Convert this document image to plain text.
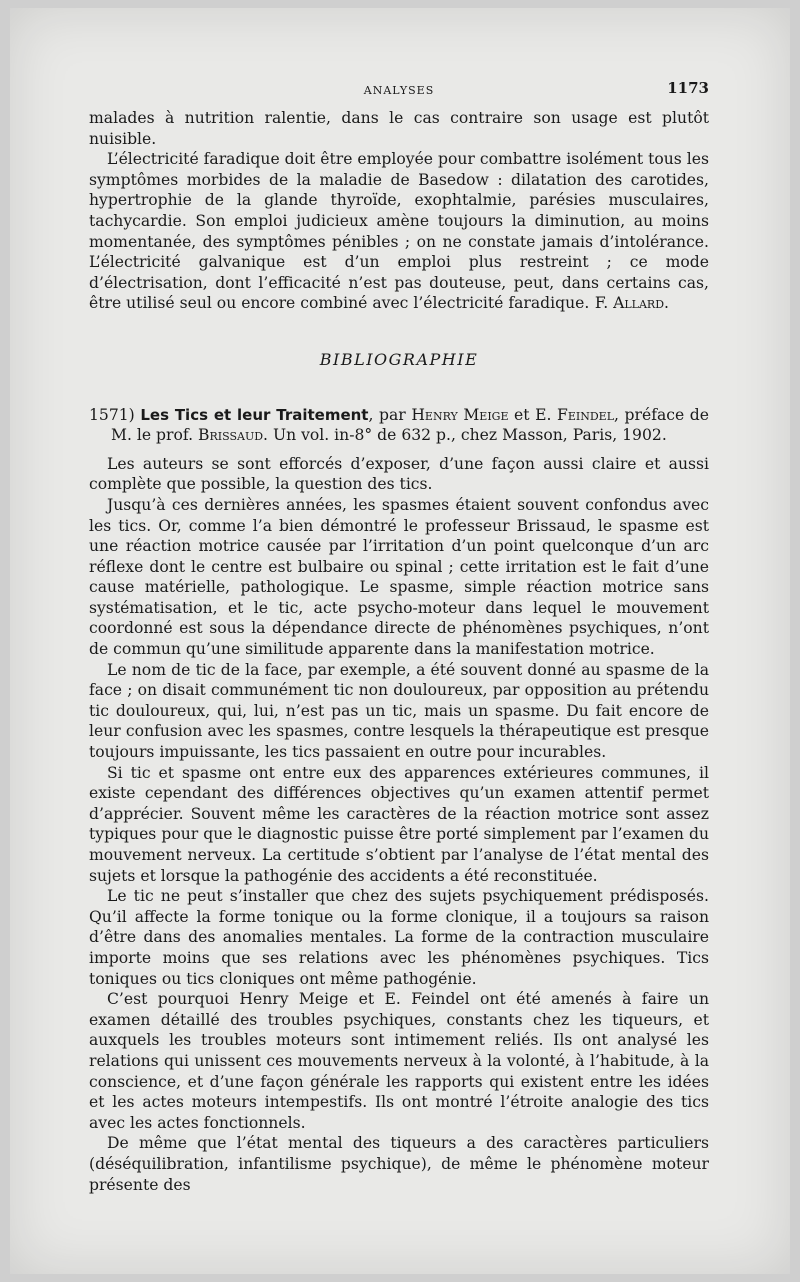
ANALYSES	1173

malades à nutrition ralentie, dans le cas contraire son usage est plutôt nuisible.

L’électricité faradique doit être employée pour combattre isolément tous les symptômes morbides de la maladie de Basedow : dilatation des carotides, hypertrophie de la glande thyroïde, exophtalmie, parésies musculaires, tachycardie. Son emploi judicieux amène toujours la diminution, au moins momentanée, des symptômes pénibles ; on ne constate jamais d’intolérance. L’électricité galvanique est d’un emploi plus restreint ; ce mode d’électrisation, dont l’efficacité n’est pas douteuse, peut, dans certains cas, être utilisé seul ou encore combiné avec l’électricité faradique. F. Allard.

BIBLIOGRAPHIE

1571) Les Tics et leur Traitement, par Henry Meige et E. Feindel, préface de M. le prof. Brissaud. Un vol. in-8° de 632 p., chez Masson, Paris, 1902.

Les auteurs se sont efforcés d’exposer, d’une façon aussi claire et aussi complète que possible, la question des tics.

Jusqu’à ces dernières années, les spasmes étaient souvent confondus avec les tics. Or, comme l’a bien démontré le professeur Brissaud, le spasme est une réaction motrice causée par l’irritation d’un point quelconque d’un arc réflexe dont le centre est bulbaire ou spinal ; cette irritation est le fait d’une cause matérielle, pathologique. Le spasme, simple réaction motrice sans systématisation, et le tic, acte psycho-moteur dans lequel le mouvement coordonné est sous la dépendance directe de phénomènes psychiques, n’ont de commun qu’une similitude apparente dans la manifestation motrice.

Le nom de tic de la face, par exemple, a été souvent donné au spasme de la face ; on disait communément tic non douloureux, par opposition au prétendu tic douloureux, qui, lui, n’est pas un tic, mais un spasme. Du fait encore de leur confusion avec les spasmes, contre lesquels la thérapeutique est presque toujours impuissante, les tics passaient en outre pour incurables.

Si tic et spasme ont entre eux des apparences extérieures communes, il existe cependant des différences objectives qu’un examen attentif permet d’apprécier. Souvent même les caractères de la réaction motrice sont assez typiques pour que le diagnostic puisse être porté simplement par l’examen du mouvement nerveux. La certitude s’obtient par l’analyse de l’état mental des sujets et lorsque la pathogénie des accidents a été reconstituée.

Le tic ne peut s’installer que chez des sujets psychiquement prédisposés. Qu’il affecte la forme tonique ou la forme clonique, il a toujours sa raison d’être dans des anomalies mentales. La forme de la contraction musculaire importe moins que ses relations avec les phénomènes psychiques. Tics toniques ou tics cloniques ont même pathogénie.

C’est pourquoi Henry Meige et E. Feindel ont été amenés à faire un examen détaillé des troubles psychiques, constants chez les tiqueurs, et auxquels les troubles moteurs sont intimement reliés. Ils ont analysé les relations qui unissent ces mouvements nerveux à la volonté, à l’habitude, à la conscience, et d’une façon générale les rapports qui existent entre les idées et les actes moteurs intempestifs. Ils ont montré l’étroite analogie des tics avec les actes fonctionnels.

De même que l’état mental des tiqueurs a des caractères particuliers (déséquilibration, infantilisme psychique), de même le phénomène moteur présente des
